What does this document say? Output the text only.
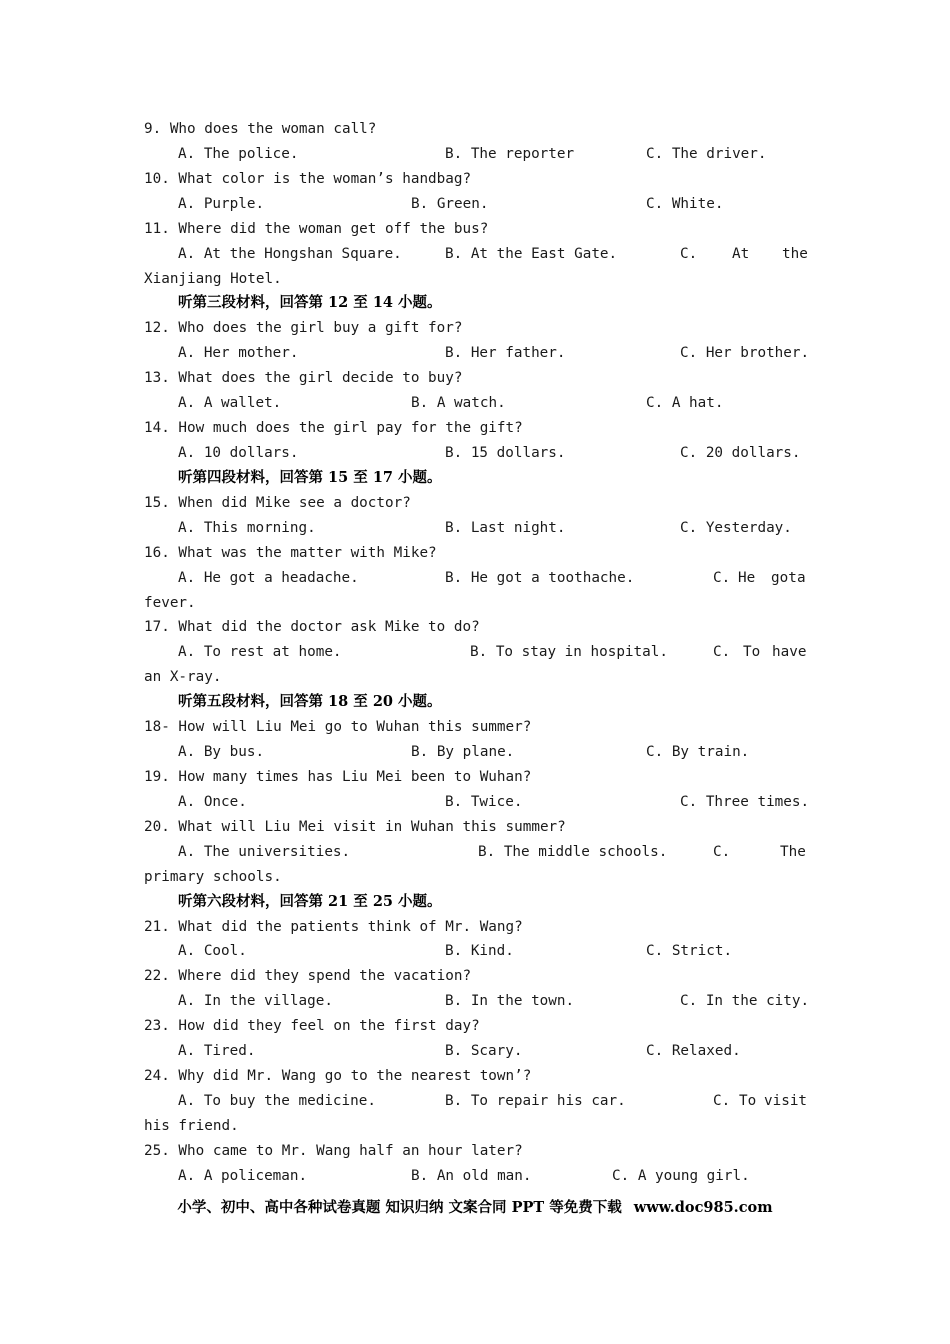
9. Who does the woman call?

A. The police.

	B. The reporter

	C. The driver.

10. What color is the woman’s handbag?

A. Purple.

	B. Green.

	C. White.

11. Where did the woman get off the bus?

A. At the Hongshan Square.

	B. At the East Gate.

	C.

At

the

Xianjiang Hotel.
听第三段材料，回答第 12 至 14 小题。
12. Who does the girl buy a gift for?

A. Her mother.

	B. Her father.

	C. Her brother.

13. What does the girl decide to buy?

A. A wallet.

	B. A watch.

	C. A hat.

14. How much does the girl pay for the gift?

A. 10 dollars.

	B. 15 dollars.

	C. 20 dollars.

听第四段材料，回答第 15 至 17 小题。
15. When did Mike see a doctor?

A. This morning.

	B. Last night.

	C. Yesterday.

16. What was the matter with Mike?

A. He got a headache.

	B. He got a toothache.

	C.

He

got

a

fever.
17. What did the doctor ask Mike to do?

A. To rest at home.

	B. To stay in hospital.

	C.

To

have

an X-ray.
听第五段材料，回答第 18 至 20 小题。
18- How will Liu Mei go to Wuhan this summer?

A. By bus.

	B. By plane.

	C. By train.

19. How many times has Liu Mei been to Wuhan?

A. Once.

	B. Twice.

	C. Three times.

20. What will Liu Mei visit in Wuhan this summer?

A. The universities.

	B. The middle schools.

	C.

	The

primary schools.
听第六段材料，回答第 21 至 25 小题。
21. What did the patients think of Mr. Wang?

A. Cool.

	B. Kind.

	C. Strict.

22. Where did they spend the vacation?

A. In the village.

	B. In the town.

	C. In the city.

23. How did they feel on the first day?

A. Tired.

	B. Scary.

	C. Relaxed.

24. Why did Mr. Wang go to the nearest town’?

A. To buy the medicine.

	B. To repair his car.

	C.

To

visit

his friend.
25. Who came to Mr. Wang half an hour later?

A. A policeman.

	B. An old man.

	C. A young girl.

小学、初中、高中各种试卷真题 知识归纳 文案合同 PPT 等免费下载 www.doc985.com
